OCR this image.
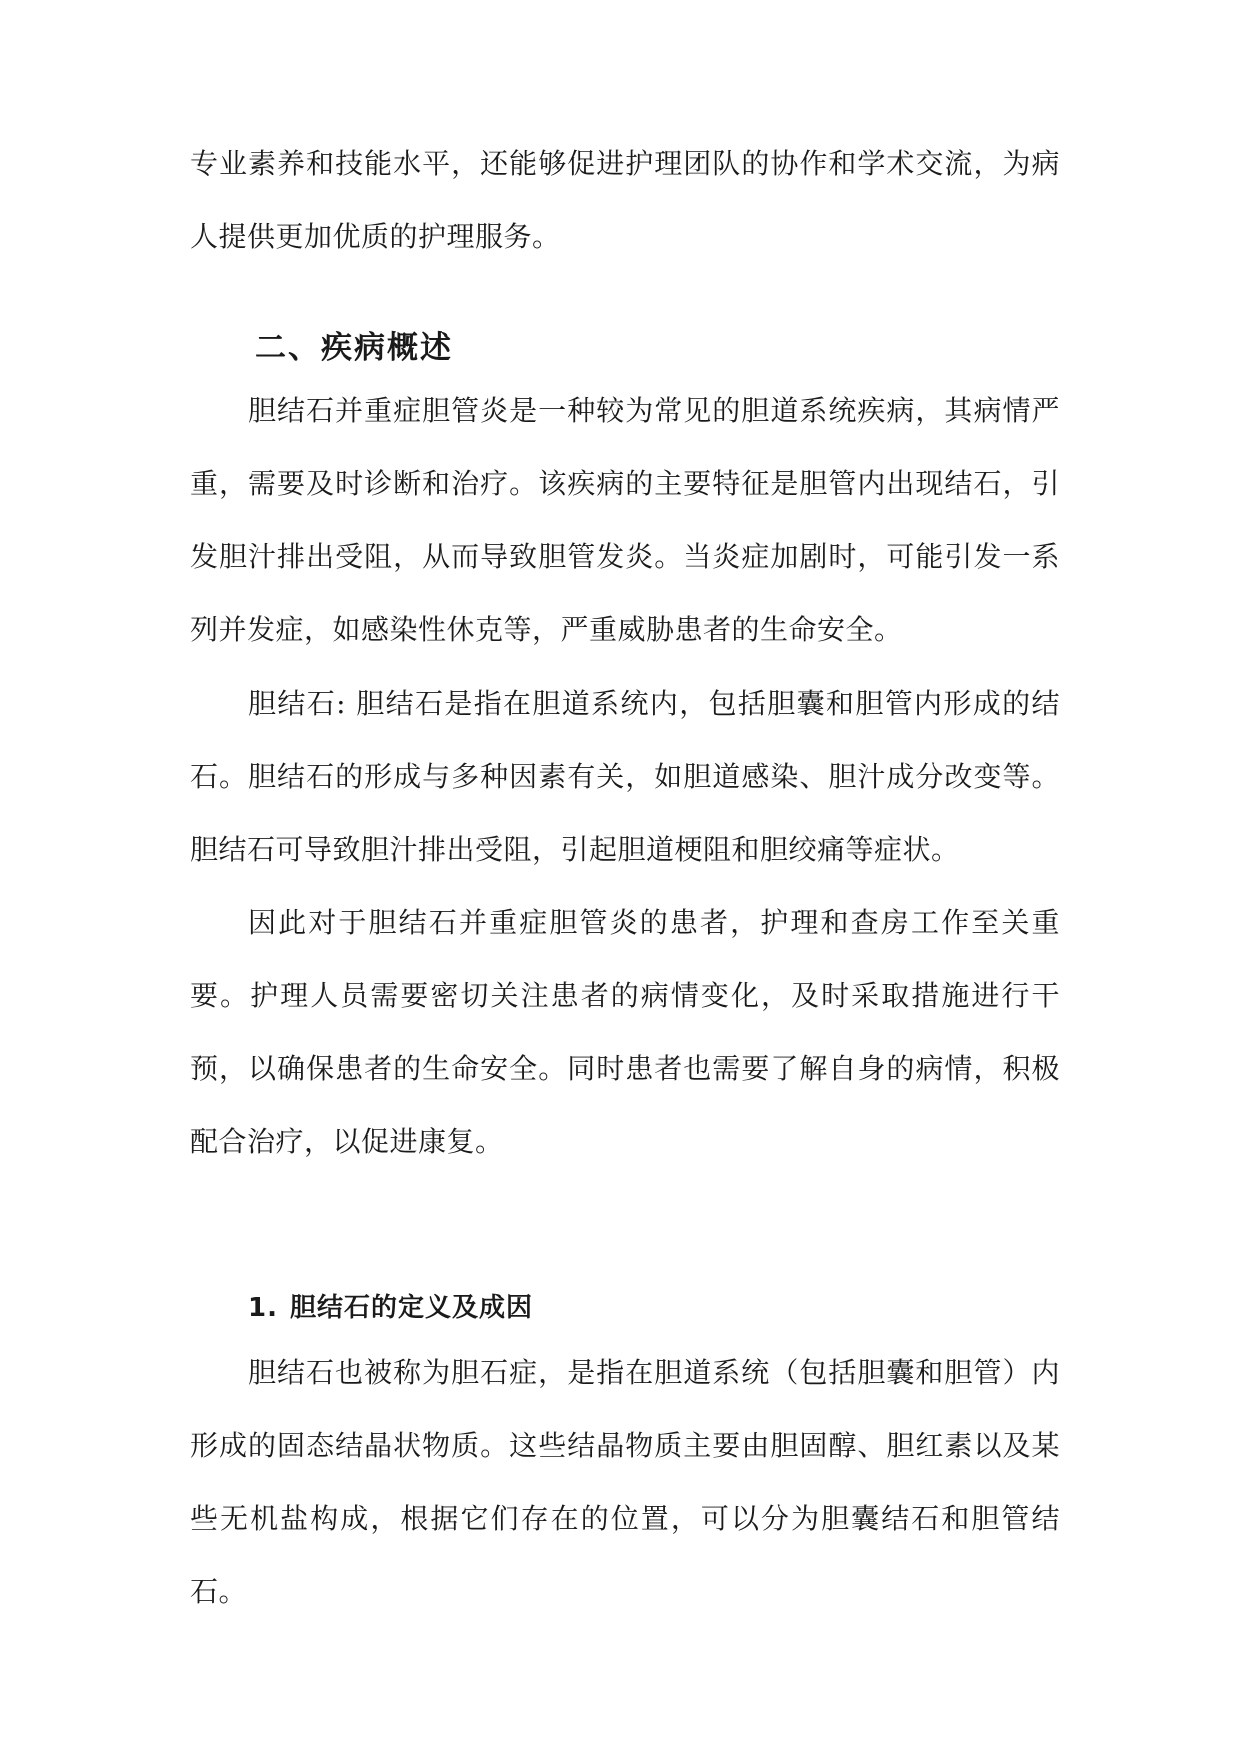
专业素养和技能水平，还能够促进护理团队的协作和学术交流，为病人提供更加优质的护理服务。

二、疾病概述

胆结石并重症胆管炎是一种较为常见的胆道系统疾病，其病情严重，需要及时诊断和治疗。该疾病的主要特征是胆管内出现结石，引发胆汁排出受阻，从而导致胆管发炎。当炎症加剧时，可能引发一系列并发症，如感染性休克等，严重威胁患者的生命安全。

胆结石: 胆结石是指在胆道系统内，包括胆囊和胆管内形成的结石。胆结石的形成与多种因素有关，如胆道感染、胆汁成分改变等。胆结石可导致胆汁排出受阻，引起胆道梗阻和胆绞痛等症状。

因此对于胆结石并重症胆管炎的患者，护理和查房工作至关重要。护理人员需要密切关注患者的病情变化，及时采取措施进行干预，以确保患者的生命安全。同时患者也需要了解自身的病情，积极配合治疗，以促进康复。

1. 胆结石的定义及成因

胆结石也被称为胆石症，是指在胆道系统（包括胆囊和胆管）内形成的固态结晶状物质。这些结晶物质主要由胆固醇、胆红素以及某些无机盐构成，根据它们存在的位置，可以分为胆囊结石和胆管结石。
